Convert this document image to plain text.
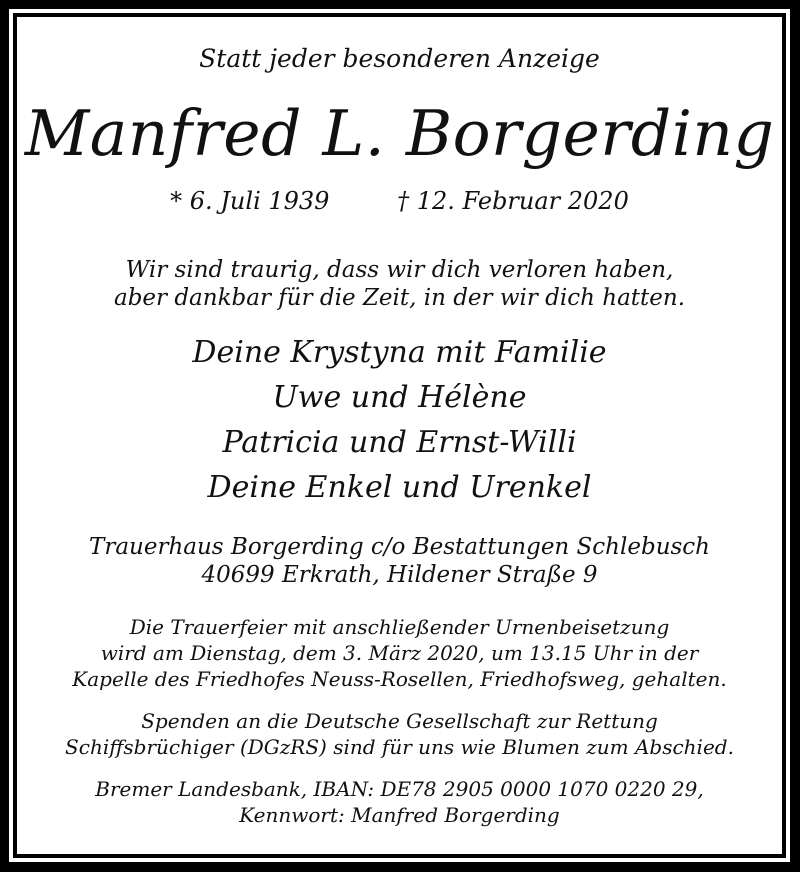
Statt jeder besonderen Anzeige
Manfred L. Borgerding
* 6. Juli 1939	† 12. Februar 2020
Wir sind traurig, dass wir dich verloren haben,
aber dankbar für die Zeit, in der wir dich hatten.
Deine Krystyna mit Familie
Uwe und Hélène
Patricia und Ernst-Willi
Deine Enkel und Urenkel
Trauerhaus Borgerding c/o Bestattungen Schlebusch
40699 Erkrath, Hildener Straße 9
Die Trauerfeier mit anschließender Urnenbeisetzung
wird am Dienstag, dem 3. März 2020, um 13.15 Uhr in der
Kapelle des Friedhofes Neuss-Rosellen, Friedhofsweg, gehalten.
Spenden an die Deutsche Gesellschaft zur Rettung
Schiffsbrüchiger (DGzRS) sind für uns wie Blumen zum Abschied.
Bremer Landesbank, IBAN: DE78 2905 0000 1070 0220 29,
Kennwort: Manfred Borgerding
